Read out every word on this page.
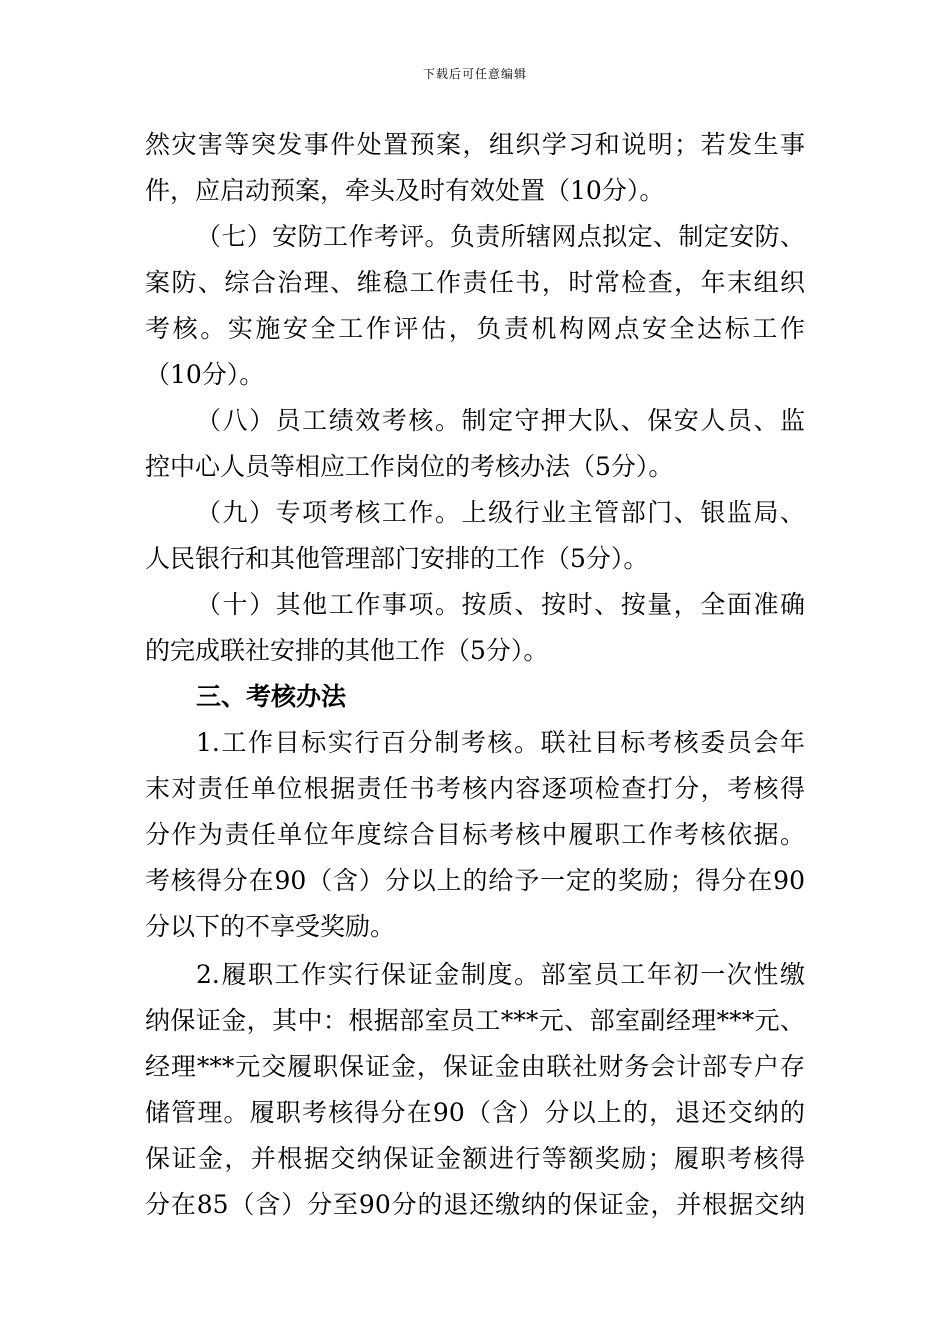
下载后可任意编辑
然灾害等突发事件处置预案，组织学习和说明；若发生事
件，应启动预案，牵头及时有效处置（10分）。
（七）安防工作考评。负责所辖网点拟定、制定安防、
案防、综合治理、维稳工作责任书，时常检查，年末组织
考核。实施安全工作评估，负责机构网点安全达标工作
（10分）。
（八）员工绩效考核。制定守押大队、保安人员、监
控中心人员等相应工作岗位的考核办法（5分）。
（九）专项考核工作。上级行业主管部门、银监局、
人民银行和其他管理部门安排的工作（5分）。
（十）其他工作事项。按质、按时、按量，全面准确
的完成联社安排的其他工作（5分）。
三、考核办法
1.工作目标实行百分制考核。联社目标考核委员会年
末对责任单位根据责任书考核内容逐项检查打分，考核得
分作为责任单位年度综合目标考核中履职工作考核依据。
考核得分在90（含）分以上的给予一定的奖励；得分在90
分以下的不享受奖励。
2.履职工作实行保证金制度。部室员工年初一次性缴
纳保证金，其中：根据部室员工***元、部室副经理***元、
经理***元交履职保证金，保证金由联社财务会计部专户存
储管理。履职考核得分在90（含）分以上的，退还交纳的
保证金，并根据交纳保证金额进行等额奖励；履职考核得
分在85（含）分至90分的退还缴纳的保证金，并根据交纳
